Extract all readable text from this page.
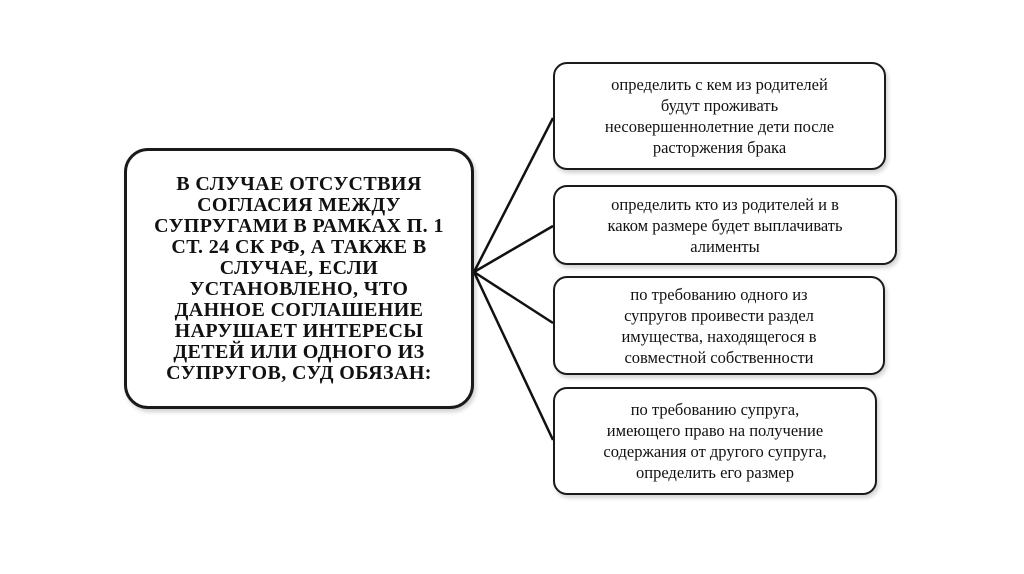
В СЛУЧАЕ ОТСУСТВИЯ
СОГЛАСИЯ МЕЖДУ
СУПРУГАМИ В РАМКАХ П. 1
СТ. 24 СК РФ, А ТАКЖЕ В
СЛУЧАЕ, ЕСЛИ
УСТАНОВЛЕНО, ЧТО
ДАННОЕ СОГЛАШЕНИЕ
НАРУШАЕТ ИНТЕРЕСЫ
ДЕТЕЙ ИЛИ ОДНОГО ИЗ
СУПРУГОВ, СУД ОБЯЗАН:
определить с кем из родителей
будут проживать
несовершеннолетние дети после
расторжения брака
определить кто из родителей и в
каком размере будет выплачивать
алименты
по требованию одного из
супругов проивести раздел
имущества, находящегося в
совместной собственности
по требованию супруга,
имеющего право на получение
содержания от другого супруга,
определить его размер
